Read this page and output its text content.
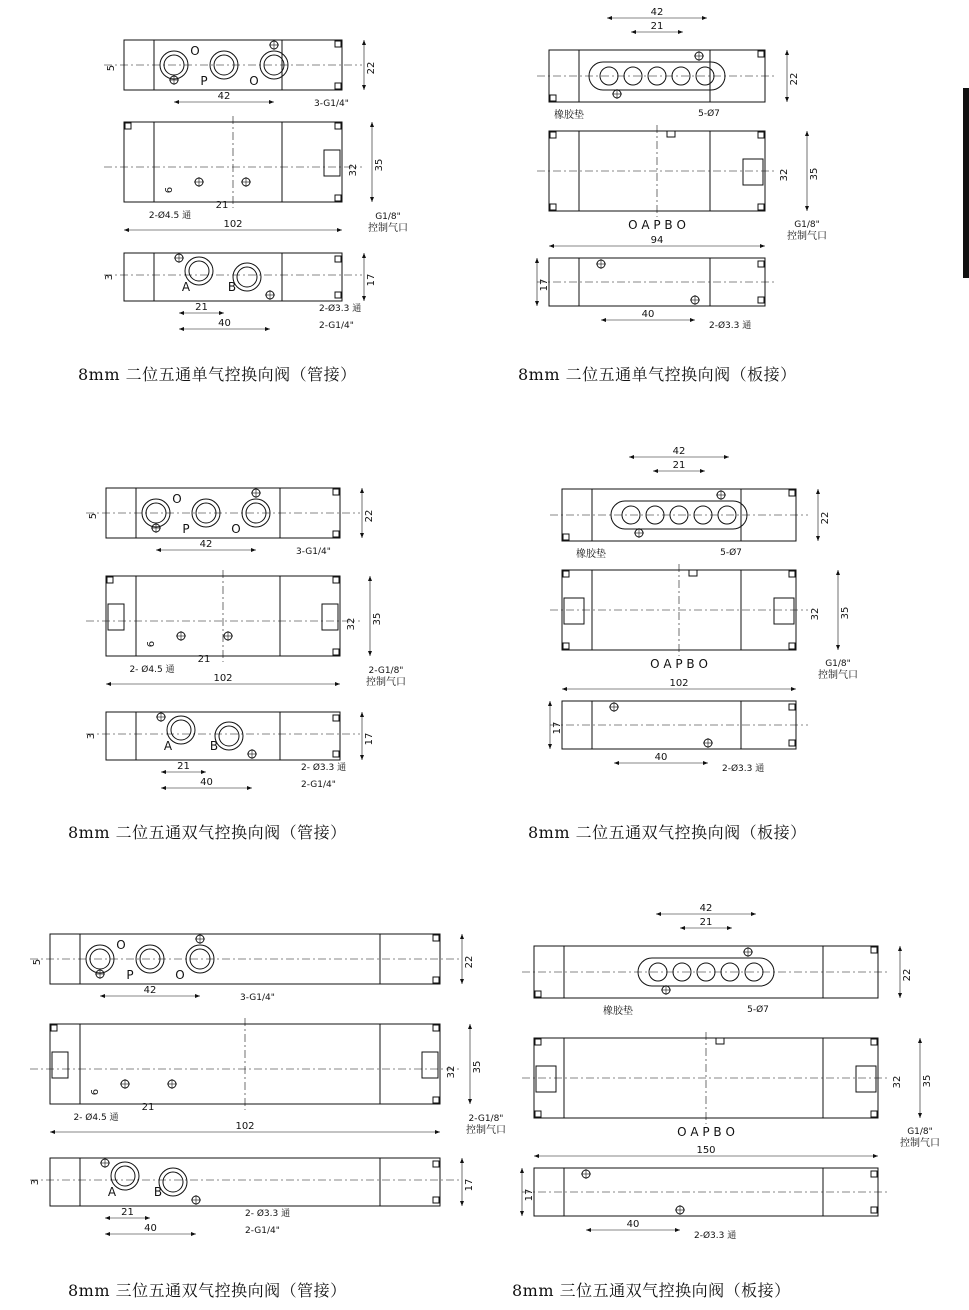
O
P	O
42
22
5
3-G1/4"
102
21
2-Ø4.5 通
6
35
32
G1/8"
控制气口
A	B
21
40
17
3
2-Ø3.3 通
2-G1/4"
42
21
22
橡胶垫	5-Ø7
35
32
O A P B O	G1/8"
控制气口
94
40
17
2-Ø3.3 通
O
P	O
42
22
5
3-G1/4"
102
21
2- Ø4.5 通
6
35
32
2-G1/8"
控制气口
A	B
21
40
17
3
2- Ø3.3 通
2-G1/4"
42
21
22
橡胶垫	5-Ø7
35
32
O A P B O	G1/8"
控制气口
102
40
17
2-Ø3.3 通
O
P	O
42
22
5
3-G1/4"
102
21
2- Ø4.5 通
6
35
32
2-G1/8"
控制气口
A	B
21
40
17
3
2- Ø3.3 通
2-G1/4"
42
21
22
橡胶垫	5-Ø7
35
32
O A P B O	G1/8"
控制气口
150
40
17
2-Ø3.3 通
8mm 二位五通单气控换向阀（管接）	8mm 二位五通单气控换向阀（板接）
8mm 二位五通双气控换向阀（管接）	8mm 二位五通双气控换向阀（板接）
8mm 三位五通双气控换向阀（管接）	8mm 三位五通双气控换向阀（板接）
